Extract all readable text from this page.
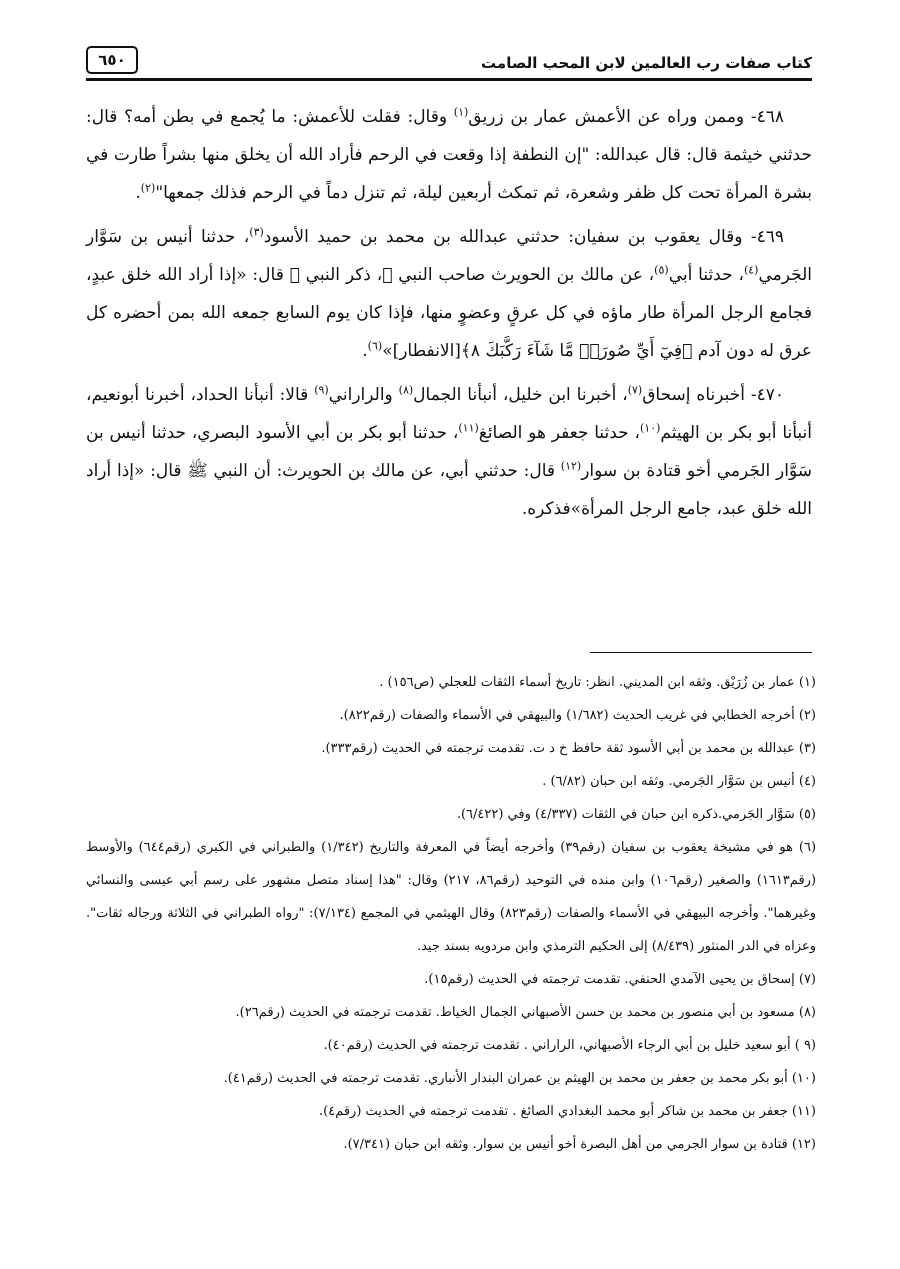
كتاب صفات رب العالمين لابن المحب الصامت
٦٥٠

٤٦٨- وممن وراه عن الأعمش عمار بن زريق$^{(١)}$ وقال: فقلت للأعمش: ما يُجمع في بطن أمه؟ قال: حدثني خيثمة قال: قال عبدالله: "إن النطفة إذا وقعت في الرحم فأراد الله أن يخلق منها بشراً طارت في بشرة المرأة تحت كل ظفر وشعرة، ثم تمكث أربعين ليلة، ثم تنزل دماً في الرحم فذلك جمعها"$^{(٢)}$.

٤٦٩- وقال يعقوب بن سفيان: حدثني عبدالله بن محمد بن حميد الأسود$^{(٣)}$، حدثنا أنيس بن سَوَّار الجَرمي$^{(٤)}$، حدثنا أبي$^{(٥)}$، عن مالك بن الحويرث صاحب النبي ﷺ، ذكر النبي ﷺ قال: «إذا أراد الله خلق عبدٍ، فجامع الرجل المرأة طار ماؤه في كل عرقٍ وعضوٍ منها، فإذا كان يوم السابع جمعه الله بمن أحضره كل عرق له دون آدم ﴿فِيٓ أَيِّ صُورَةٖ مَّا شَآءَ رَكَّبَكَ ٨﴾[الانفطار]»$^{(٦)}$.

٤٧٠- أخبرناه إسحاق$^{(٧)}$، أخبرنا ابن خليل، أنبأنا الجمال$^{(٨)}$ والراراني$^{(٩)}$ قالا: أنبأنا الحداد، أخبرنا أبونعيم، أنبأنا أبو بكر بن الهيثم$^{(١٠)}$، حدثنا جعفر هو الصائغ$^{(١١)}$، حدثنا أبو بكر بن أبي الأسود البصري، حدثنا أنيس بن سَوَّار الجَرمي أخو قتادة بن سوار$^{(١٢)}$ قال: حدثني أبي، عن مالك بن الحويرث: أن النبي ﷺ قال: «إذا أراد الله خلق عبد، جامع الرجل المرأة»فذكره.

(١) عمار بن زُرَيْق. وثقه ابن المديني. انظر: تاريخ أسماء الثقات للعجلي (ص١٥٦) .

(٢) أخرجه الخطابي في غريب الحديث (١/٦٨٢) والبيهقي في الأسماء والصفات (رقم٨٢٢).

(٣) عبدالله بن محمد بن أبي الأسود ثقة حافظ خ د ت. تقدمت ترجمته في الحديث (رقم٣٣٣).

(٤) أنيس بن سَوَّار الجَرمي. وثقه ابن حبان (٦/٨٢) .

(٥) سَوَّار الجَرمي.ذكره ابن حبان في الثقات (٤/٣٣٧) وفي (٦/٤٢٢).

(٦) هو في مشيخة يعقوب بن سفيان (رقم٣٩) وأخرجه أيضاً في المعرفة والتاريخ (١/٣٤٢) والطبراني في الكبري (رقم٦٤٤) والأوسط (رقم١٦١٣) والصغير (رقم١٠٦) وابن منده في التوحيد (رقم٨٦، ٢١٧) وقال: "هذا إسناد متصل مشهور على رسم أبي عيسى والنسائي وغيرهما". وأخرجه البيهقي في الأسماء والصفات (رقم٨٢٣) وقال الهيثمي في المجمع (٧/١٣٤): "رواه الطبراني في الثلاثة ورجاله ثقات". وعزاه في الدر المنثور (٨/٤٣٩) إلى الحكيم الترمذي وابن مردويه بسند جيد.

(٧) إسحاق بن يحيى الآمدي الحنفي. تقدمت ترجمته في الحديث (رقم١٥).

(٨) مسعود بن أبي منصور بن محمد بن حسن الأصبهاني الجمال الخياط. تقدمت ترجمته في الحديث (رقم٢٦).

(٩ ) أبو سعيد خليل بن أبي الرجاء الأصبهاني، الراراني . تقدمت ترجمته في الحديث (رقم٤٠).

(١٠) أبو بكر محمد بن جعفر بن محمد بن الهيثم بن عمران البندار الأنباري. تقدمت ترجمته في الحديث (رقم٤١).

(١١) جعفر بن محمد بن شاكر أبو محمد البغدادي الصائغ . تقدمت ترجمته في الحديث (رقم٤).

(١٢) قتادة بن سوار الجرمي من أهل البصرة أخو أنيس بن سوار. وثقه ابن حبان (٧/٣٤١).
